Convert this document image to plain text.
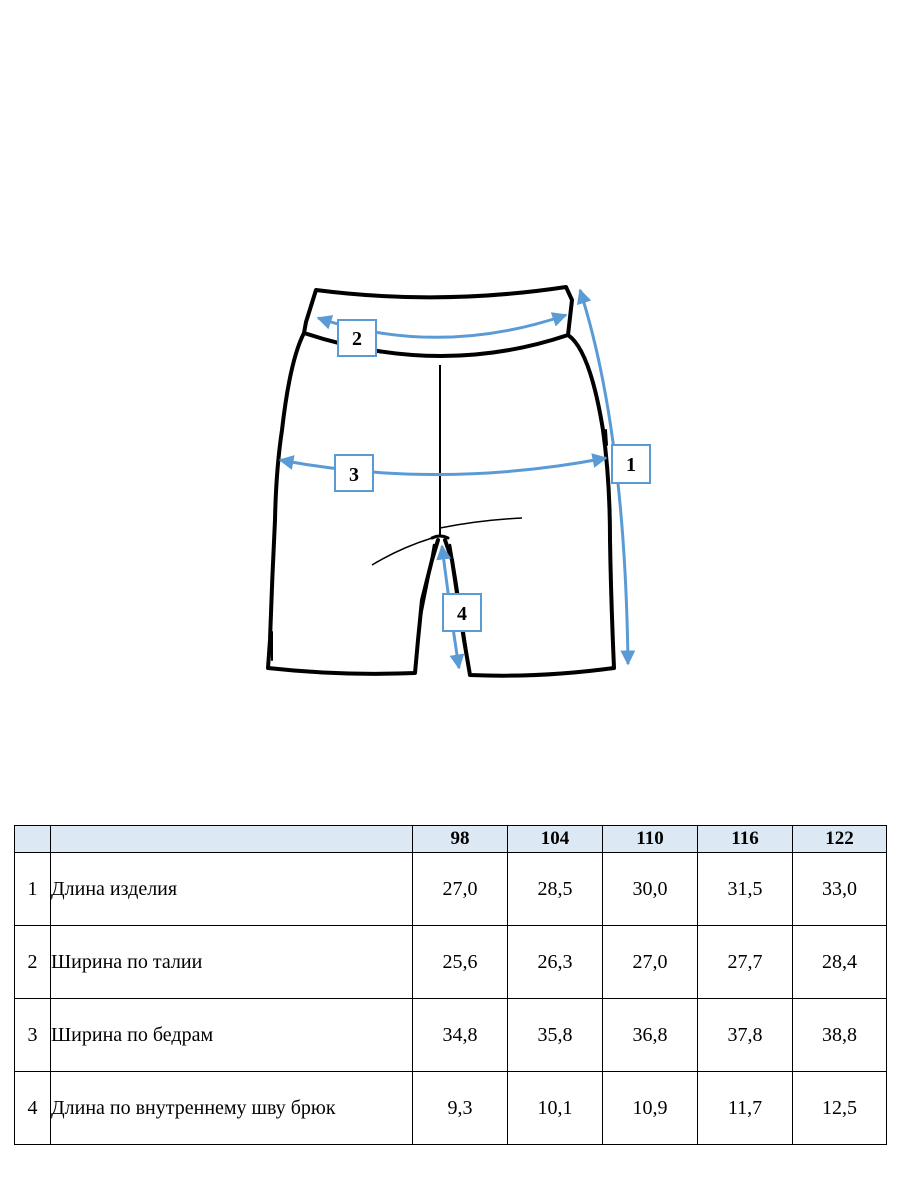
1
2
3
4
		98	104	110	116	122
1	Длина изделия	27,0	28,5	30,0	31,5	33,0
2	Ширина по талии	25,6	26,3	27,0	27,7	28,4
3	Ширина по бедрам	34,8	35,8	36,8	37,8	38,8
4	Длина по внутреннему шву брюк	9,3	10,1	10,9	11,7	12,5
